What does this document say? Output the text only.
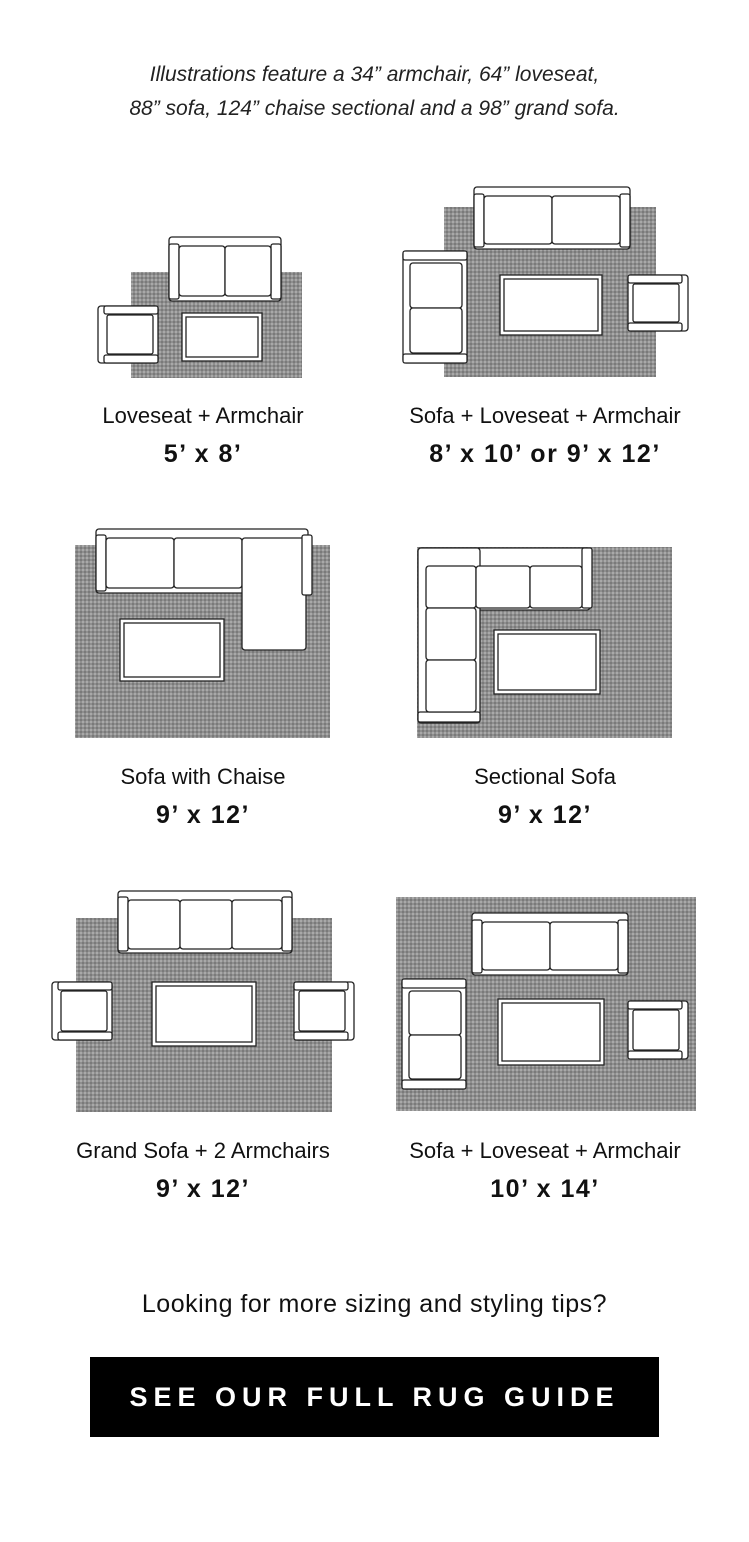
Illustrations feature a 34” armchair, 64” loveseat,
88” sofa, 124” chaise sectional and a 98” grand sofa.
Loveseat + Armchair
5’ x 8’
Sofa + Loveseat + Armchair
8’ x 10’ or 9’ x 12’
Sofa with Chaise
9’ x 12’
Sectional Sofa
9’ x 12’
Grand Sofa + 2 Armchairs
9’ x 12’
Sofa + Loveseat + Armchair
10’ x 14’
Looking for more sizing and styling tips?
SEE OUR FULL RUG GUIDE
